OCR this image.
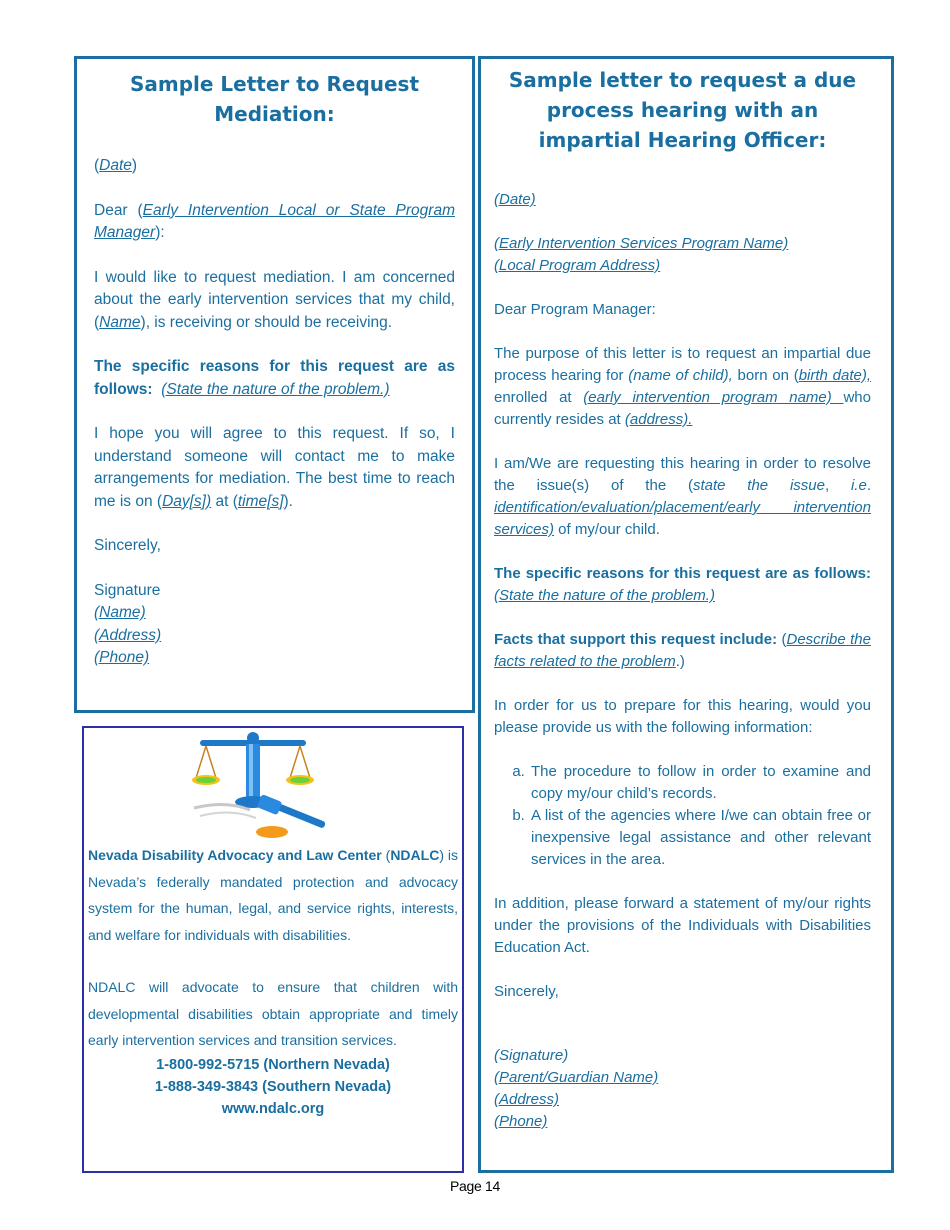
Sample Letter to Request Mediation:

(Date)

Dear (Early Intervention Local or State Program Manager):

I would like to request mediation. I am concerned about the early intervention services that my child, (Name), is receiving or should be receiving.

The specific reasons for this request are as follows: (State the nature of the problem.)

I hope you will agree to this request. If so, I understand someone will contact me to make arrangements for mediation. The best time to reach me is on (Day[s]) at (time[s]).

Sincerely,

Signature

(Name)

(Address)

(Phone)

Sample letter to request a due process hearing with an impartial Hearing Officer:

(Date)

(Early Intervention Services Program Name)

(Local Program Address)

Dear Program Manager:

The purpose of this letter is to request an impartial due process hearing for (name of child), born on (birth date), enrolled at (early intervention program name) who currently resides at (address).

I am/We are requesting this hearing in order to resolve the issue(s) of the (state the issue, i.e. identification/evaluation/placement/early intervention services) of my/our child.

The specific reasons for this request are as follows: (State the nature of the problem.)

Facts that support this request include: (Describe the facts related to the problem.)

In order for us to prepare for this hearing, would you please provide us with the following information:

a. The procedure to follow in order to examine and copy my/our child’s records.
b. A list of the agencies where I/we can obtain free or inexpensive legal assistance and other relevant services in the area.

In addition, please forward a statement of my/our rights under the provisions of the Individuals with Disabilities Education Act.

Sincerely,

(Signature)

(Parent/Guardian Name)

(Address)

(Phone)

Nevada Disability Advocacy and Law Center (NDALC) is Nevada’s federally mandated protection and advocacy system for the human, legal, and service rights, interests, and welfare for individuals with disabilities.

NDALC will advocate to ensure that children with developmental disabilities obtain appropriate and timely early intervention services and transition services.

1-800-992-5715 (Northern Nevada)
1-888-349-3843 (Southern Nevada)
www.ndalc.org
Page 14
